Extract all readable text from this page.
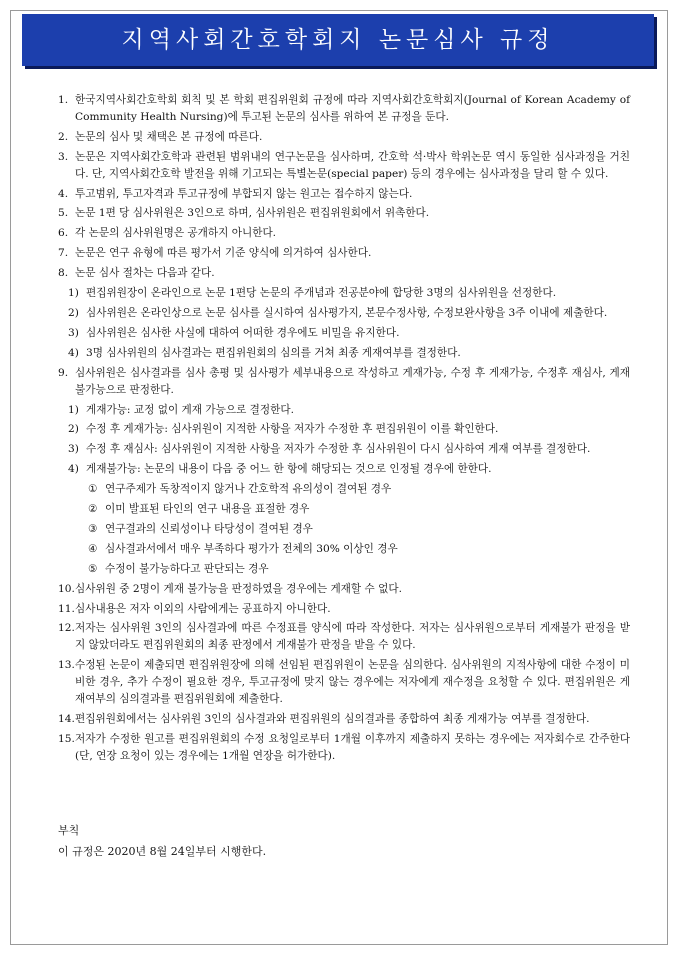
지역사회간호학회지 논문심사 규정
1. 한국지역사회간호학회 회칙 및 본 학회 편집위원회 규정에 따라 지역사회간호학회지(Journal of Korean Academy of Community Health Nursing)에 투고된 논문의 심사를 위하여 본 규정을 둔다.
2. 논문의 심사 및 채택은 본 규정에 따른다.
3. 논문은 지역사회간호학과 관련된 범위내의 연구논문을 심사하며, 간호학 석·박사 학위논문 역시 동일한 심사과정을 거친다. 단, 지역사회간호학 발전을 위해 기고되는 특별논문(special paper) 등의 경우에는 심사과정을 달리 할 수 있다.
4. 투고범위, 투고자격과 투고규정에 부합되지 않는 원고는 접수하지 않는다.
5. 논문 1편 당 심사위원은 3인으로 하며, 심사위원은 편집위원회에서 위촉한다.
6. 각 논문의 심사위원명은 공개하지 아니한다.
7. 논문은 연구 유형에 따른 평가서 기준 양식에 의거하여 심사한다.
8. 논문 심사 절차는 다음과 같다.
1) 편집위원장이 온라인으로 논문 1편당 논문의 주개념과 전공분야에 합당한 3명의 심사위원을 선정한다.
2) 심사위원은 온라인상으로 논문 심사를 실시하여 심사평가지, 본문수정사항, 수정보완사항을 3주 이내에 제출한다.
3) 심사위원은 심사한 사실에 대하여 어떠한 경우에도 비밀을 유지한다.
4) 3명 심사위원의 심사결과는 편집위원회의 심의를 거쳐 최종 게재여부를 결정한다.
9. 심사위원은 심사결과를 심사 총평 및 심사평가 세부내용으로 작성하고 게재가능, 수정 후 게재가능, 수정후 재심사, 게재불가능으로 판정한다.
1) 게재가능: 교정 없이 게재 가능으로 결정한다.
2) 수정 후 게재가능: 심사위원이 지적한 사항을 저자가 수정한 후 편집위원이 이를 확인한다.
3) 수정 후 재심사: 심사위원이 지적한 사항을 저자가 수정한 후 심사위원이 다시 심사하여 게재 여부를 결정한다.
4) 게재불가능: 논문의 내용이 다음 중 어느 한 항에 해당되는 것으로 인정될 경우에 한한다.
① 연구주제가 독창적이지 않거나 간호학적 유의성이 결여된 경우
② 이미 발표된 타인의 연구 내용을 표절한 경우
③ 연구결과의 신뢰성이나 타당성이 결여된 경우
④ 심사결과서에서 매우 부족하다 평가가 전체의 30% 이상인 경우
⑤ 수정이 불가능하다고 판단되는 경우
10. 심사위원 중 2명이 게재 불가능을 판정하였을 경우에는 게재할 수 없다.
11. 심사내용은 저자 이외의 사람에게는 공표하지 아니한다.
12. 저자는 심사위원 3인의 심사결과에 따른 수정표를 양식에 따라 작성한다. 저자는 심사위원으로부터 게재불가 판정을 받지 않았더라도 편집위원회의 최종 판정에서 게재불가 판정을 받을 수 있다.
13. 수정된 논문이 제출되면 편집위원장에 의해 선임된 편집위원이 논문을 심의한다. 심사위원의 지적사항에 대한 수정이 미비한 경우, 추가 수정이 필요한 경우, 투고규정에 맞지 않는 경우에는 저자에게 재수정을 요청할 수 있다. 편집위원은 게재여부의 심의결과를 편집위원회에 제출한다.
14. 편집위원회에서는 심사위원 3인의 심사결과와 편집위원의 심의결과를 종합하여 최종 게재가능 여부를 결정한다.
15. 저자가 수정한 원고를 편집위원회의 수정 요청일로부터 1개월 이후까지 제출하지 못하는 경우에는 저자회수로 간주한다(단, 연장 요청이 있는 경우에는 1개월 연장을 허가한다).
부칙
이 규정은 2020년 8월 24일부터 시행한다.
